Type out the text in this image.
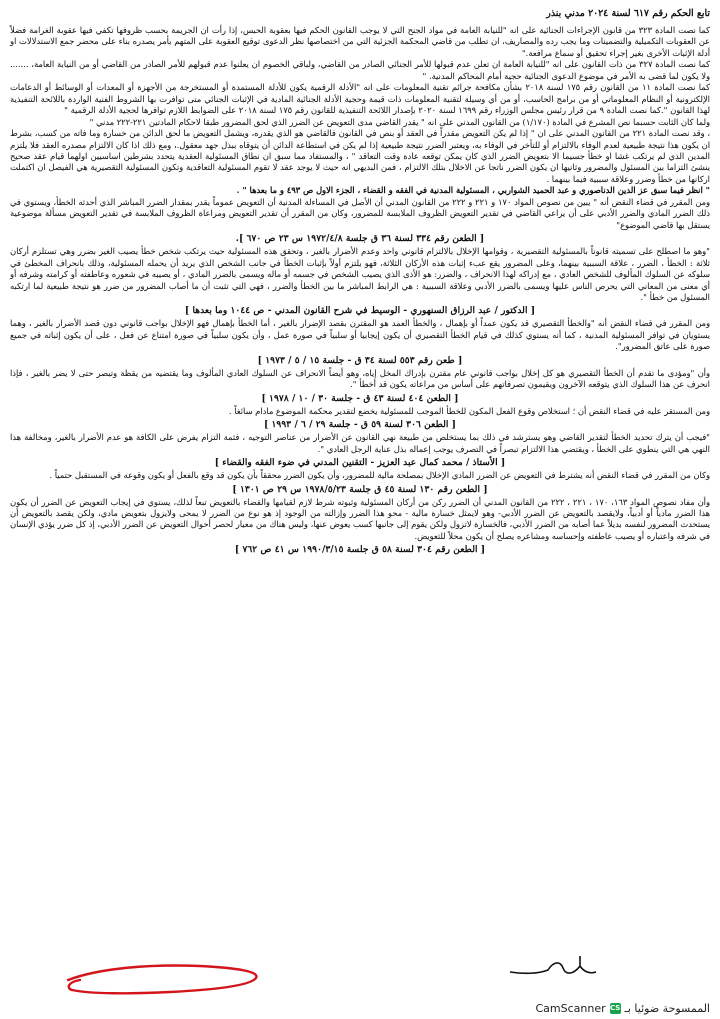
تابع الحكم رقم ٦١٧ لسنة ٢٠٢٤ مدني بنذر

كما نصت المادة ٣٢٣ من قانون الإجراءات الجنائية على انه "للنيابة العامة في مواد الجنح التي لا يوجب القانون الحكم فيها بعقوبة الحبس، إذا رأت ان الجريمة بحسب ظروفها تكفي فيها عقوبة الغرامة فضلاً عن العقوبات التكميلية والتضمينات وما يجب رده والمصاريف، ان تطلب من قاضي المحكمة الجزئية التي من اختصاصها نظر الدعوى توقيع العقوبة على المتهم بأمر يصدره بناء على محضر جمع الاستدلالات او أدلة الإثبات الأخرى بغير إجراء تحقيق أو سماع مرافعة."

كما نصت المادة ٣٢٧ من ذات القانون على انه "للنيابة العامة ان تعلن عدم قبولها للأمر الجنائي الصادر من القاضي، ولباقي الخصوم ان يعلنوا عدم قبولهم للأمر الصادر من القاضي أو من النيابة العامة، ....... ولا يكون لما قضى به الأمر في موضوع الدعوى الجنائية حجية أمام المحاكم المدنية. "

كما نصت المادة ١١ من القانون رقم ١٧٥ لسنة ٢٠١٨ بشأن مكافحة جرائم تقنية المعلومات على انه "الأدلة الرقمية يكون للأدلة المستمدة أو المستخرجة من الأجهزة أو المعدات أو الوسائط أو الدعامات الإلكترونية أو النظام المعلوماتي أو من برامج الحاسب، أو من أي وسيلة لتقنية المعلومات ذات قيمة وحجية الأدلة الجنائية المادية في الإثبات الجنائي متى توافرت بها الشروط الفنية الواردة باللائحة التنفيذية لهذا القانون ".كما نصت المادة ٩ من قرار رئيس مجلس الوزراء رقم ١٦٩٩ لسنة ٢٠٢٠ بإصدار اللائحة التنفيذية للقانون رقم ١٧٥ لسنة ٢٠١٨ على الضوابط اللازم توافرها لحجية الأدلة الرقمية "

ولما كان الثابت حسبما نص المشرع في المادة (١/١٧٠) من القانون المدني على انه " يقدر القاضي مدى التعويض عن الضرر الذي لحق المضرور طبقا لاحكام المادتين ٢٢١-٢٢٢ مدني "

، وقد نصت المادة ٢٢١ من القانون المدني على ان " إذا لم يكن التعويض مقدراً في العقد أو بنص في القانون فالقاضي هو الذي يقدره، ويشمل التعويض ما لحق الدائن من خسارة وما فاته من كسب، بشرط ان يكون هذا نتيجة طبيعية لعدم الوفاء بالالتزام أو للتأخر في الوفاء به، ويعتبر الضرر نتيجة طبيعية إذا لم يكن في استطاعة الدائن أن يتوقاه ببذل جهد معقول.، ومع ذلك اذا كان الالتزام مصدره العقد فلا يلتزم المدين الذي لم يرتكب غشا او خطأ جسيما الا بتعويض الضرر الذي كان يمكن توقعه عادة وقت التعاقد " ، والمستفاد مما سبق ان نطاق المسئولية العقدية يتحدد بشرطين اساسيين اولهما قيام عقد صحيح ينشئ التزاما بين المسئول والمضرور وثانيها ان يكون الضرر ناتجا عن الاخلال بتلك الالتزام ، فمن البديهي انه حيث لا يوجد عقد لا تقوم المسئولية التعاقدية وتكون المسئولية التقصيرية هي الفيصل ان اكتملت اركانها من خطأ وضرر وعلاقة سببية فيما بينهما .

" انظر فيما سبق عز الدين الدناصوري و عبد الحميد الشواربي ، المسئولية المدنية في الفقه و القضاء ، الجزء الاول ص ٤٩٣ و ما بعدها " .

ومن المقرر في قضاء النقض أنه " يبين من نصوص المواد ١٧٠ و ٢٢١ و ٢٢٢ من القانون المدني أن الأصل في المساءلة المدنية أن التعويض عموماً يقدر بمقدار الضرر المباشر الذي أحدثه الخطأ، ويستوي في ذلك الضرر المادي والضرر الأدبي على أن يراعي القاضي في تقدير التعويض الظروف الملابسة للمضرور، وكان من المقرر أن تقدير التعويض ومراعاة الظروف الملابسة في تقدير التعويض مسألة موضوعية يستقل بها قاضي الموضوع"

[ الطعن رقم ٣٣٤ لسنة ٣٦ ق جلسة ١٩٧٢/٤/٨ س ٢٣ ص ٦٧٠ ].

"وهو ما اصطلح على تسميته قانوناً بالمسئولية التقصيرية ، وقوامها الإخلال بالالتزام قانوني واحد وعدم الأضرار بالغير ، وتحقق هذه المسئولية حيث يرتكب شخص خطأ يصيب الغير بضرر وهي تستلزم أركان ثلاثة : الخطأ ، الضرر ، علاقة السببية بينهما، وعلى المضرور يقع عبء إثبات هذه الأركان الثلاثة، فهو يلتزم أولاً بإثبات الخطأ في جانب الشخص الذي يريد أن يحمله المسئولية، وذلك بانحراف المخطئ في سلوكه عن السلوك المألوف للشخص العادي ، مع إدراكه لهذا الانحراف ، والضرر: هو الأذى الذي يصيب الشخص في جسمه أو ماله ويسمى بالضرر المادي ، أو يصيبه في شعوره وعاطفته أو كرامته وشرفه أو أي معنى من المعاني التي يحرص الناس عليها ويسمى بالضرر الأدبي وعلاقة السببية : هي الرابط المباشر ما بين الخطأ والضرر ، فهي التي تثبت أن ما أصاب المضرور من ضرر هو نتيجة طبيعية لما ارتكبه المسئول من خطأ ".

[ الدكتور / عبد الرزاق السنهوري - الوسيط في شرح القانون المدني - ص ١٠٤٤ وما بعدها ]

ومن المقرر في قضاء النقض أنه "والخطأ التقصيري قد يكون عمداً أو بإهمال ، والخطأ العمد هو المقترن بقصد الإضرار بالغير ، أما الخطأ بإهمال فهو الإخلال بواجب قانوني دون قصد الأضرار بالغير ، وهما يستويان في توافر المسئولية المدنية ، كما أنه يستوي كذلك في قيام الخطأ التقصيري أن يكون إيجابيا أو سلبياً في صورة عمل ، وأن يكون سلبياً في صورة امتناع عن فعل ، على أن يكون إثباته في جميع صورة على عاتق المضرور".

[ طعن رقم ٥٥٣ لسنة ٣٤ ق - جلسة ١٥ / ٥ / ١٩٧٣ ]

وأن "ومؤدى ما تقدم أن الخطأ التقصيري هو كل إخلال بواجب قانوني عام مقترن بإدراك المخل إياه، وهو أيضاً الانحراف عن السلوك العادي المألوف وما يقتضيه من يقظة وتبصر حتى لا يضر بالغير ، فإذا انحرف عن هذا السلوك الذي يتوقعه الآخرون ويقيمون تصرفاتهم على أساس من مراعاته يكون قد أخطأ ".

[ الطعن ٤٠٤ لسنة ٤٣ ق - جلسة ٣٠ / ١٠ / ١٩٧٨ ]

ومن المستقر عليه في قضاء النقض أن ؛ استخلاص وقوع الفعل المكون للخطأ الموجب للمسئولية يخضع لتقدير محكمة الموضوع مادام سائغاً .

[ الطعن ٣٠٦ لسنة ٥٩ ق - جلسة ٢٩ / ٦ / ١٩٩٣ ]

"فيجب أن يترك تحديد الخطأ لتقدير القاضي وهو يسترشد في ذلك بما يستخلص من طبيعة نهي القانون عن الأضرار من عناصر التوجيه ، فثمة التزام يفرض على الكافة هو عدم الأضرار بالغير، ومخالفة هذا النهي هي التي ينطوي على الخطأ ، ويقتضي هذا الالتزام تبصراً في التصرف يوجب إعماله بذل عناية الرجل العادي ".

[ الأستاذ / محمد كمال عبد العزيز - التقنين المدني في ضوء الفقه والقضاء ]

وكان من المقرر في قضاء النقض أنه يشترط في التعويض عن الضرر المادي الإخلال بمصلحة مالية للمضرور، وأن يكون الضرر محققاً بأن يكون قد وقع بالفعل أو يكون وقوعه في المستقبل حتمياً .

[ الطعن رقم ١٣٠ لسنة ٤٥ ق جلسة ١٩٧٨/٥/٢٣ س ٢٩ ص ١٣٠١ ]

وأن مفاد نصوص المواد ١٦٣، ١٧٠ ، ٢٢١ ، ٢٢٢ من القانون المدني أن الضرر ركن من أركان المسئولية وثبوته شرط لازم لقيامها والقضاء بالتعويض تبعاً لذلك، يستوي في إيجاب التعويض عن الضرر أن يكون هذا الضرر مادياً أو أدبياً، ولايقصد بالتعويض عن الضرر الأدبي- وهو لايمثل خسارة مالية - محو هذا الضرر وإزالته من الوجود إذ هو نوع من الضرر لا يمحى ولايزول بتعويض مادي، ولكن يقصد بالتعويض أن يستحدث المضرور لنفسه بديلاً عما أصابه من الضرر الأدبي، فالخسارة لاتزول ولكن يقوم إلى جانبها كسب يعوض عنها، وليس هناك من معيار لحصر أحوال التعويض عن الضرر الأدبي، إذ كل ضرر يؤذي الإنسان في شرفه واعتباره أو يصيب عاطفته وإحساسه ومشاعره يصلح أن يكون محلاً للتعويض.

[ الطعن رقم ٣٠٤ لسنة ٥٨ ق جلسة ١٩٩٠/٣/١٥ س ٤١ ص ٧٦٢ ]
الممسوحة ضوئيا بـ
CS
CamScanner
